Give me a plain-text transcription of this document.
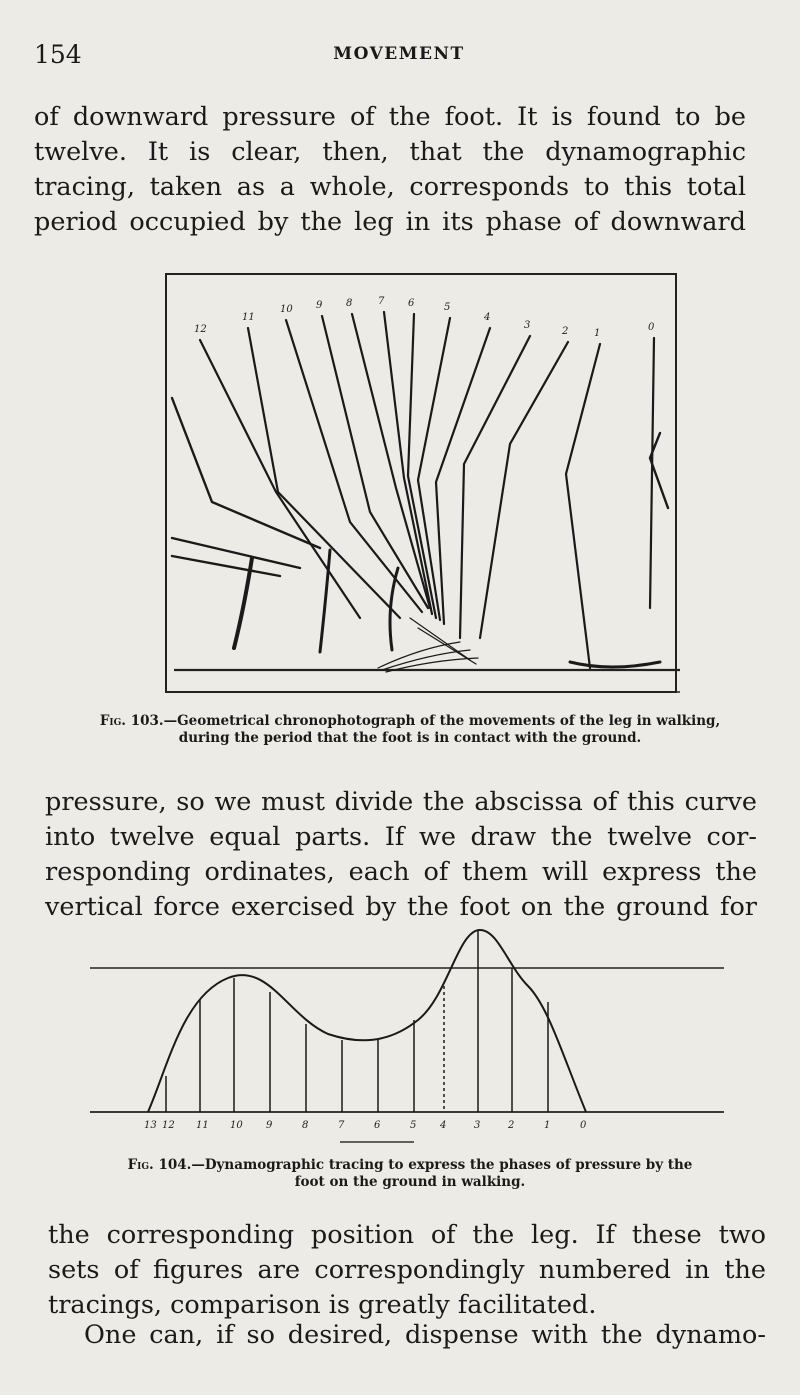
154	MOVEMENT

of downward pressure of the foot. It is found to be
twelve. It is clear, then, that the dynamographic
tracing, taken as a whole, corresponds to this total
period occupied by the leg in its phase of downward

12
11
10 9 8	7 6	5
4
3
2	1
0
Fig. 103.—Geometrical chronophotograph of the movements of the leg in walking,
during the period that the foot is in contact with the ground.

pressure, so we must divide the abscissa of this curve
into twelve equal parts. If we draw the twelve cor-
responding ordinates, each of them will express the
vertical force exercised by the foot on the ground for

13 12 11 10 9	8	7	6	5 4	3	2	1	0
Fig. 104.—Dynamographic tracing to express the phases of pressure by the
foot on the ground in walking.

the corresponding position of the leg. If these two
sets of figures are correspondingly numbered in the
tracings, comparison is greatly facilitated.

One can, if so desired, dispense with the dynamo-
